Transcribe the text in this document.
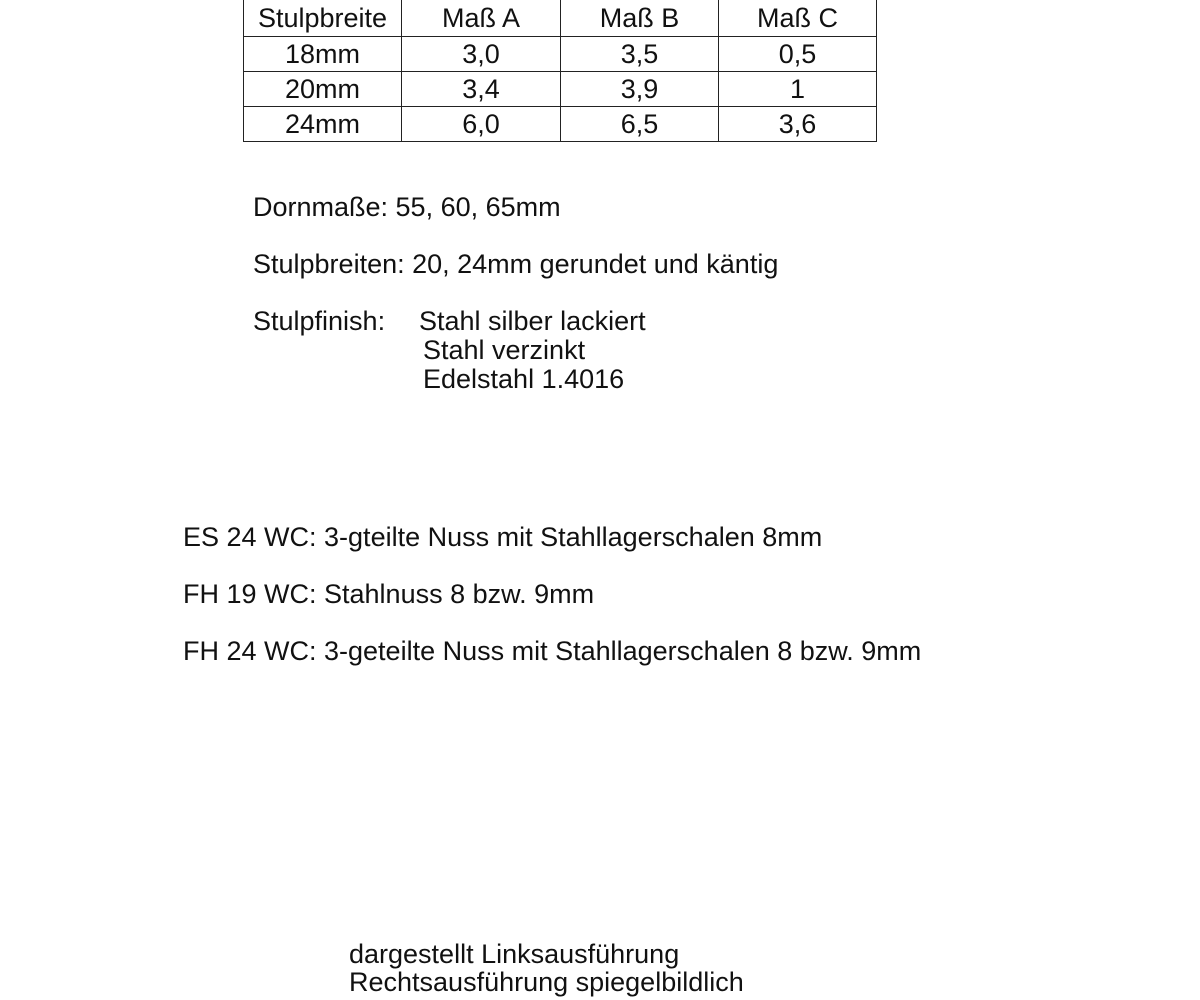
Stulpbreite	Maß A	Maß B	Maß C
18mm	3,0	3,5	0,5
20mm	3,4	3,9	1
24mm	6,0	6,5	3,6
Dornmaße: 55, 60, 65mm
Stulpbreiten: 20, 24mm gerundet und käntig
Stulpfinish: Stahl silber lackiert
Stahl verzinkt
Edelstahl 1.4016
ES 24 WC: 3-gteilte Nuss mit Stahllagerschalen 8mm
FH 19 WC: Stahlnuss 8 bzw. 9mm
FH 24 WC: 3-geteilte Nuss mit Stahllagerschalen 8 bzw. 9mm
dargestellt Linksausführung
Rechtsausführung spiegelbildlich
